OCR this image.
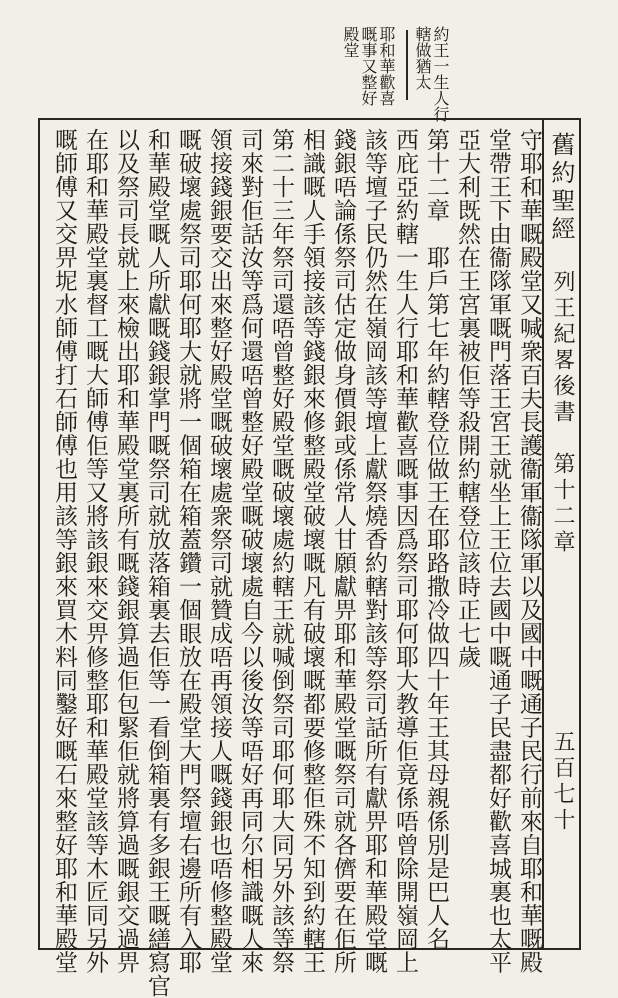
約王一生人行
轄做猶太
耶和華歡喜
嘅事又整好
殿堂
舊約聖經
列王紀畧後書　第十二章
五百七十
守耶和華嘅殿堂又喊衆百夫長護衞軍衞隊軍以及國中嘅通子民行前來自耶和華嘅殿
堂帶王下由衞隊軍嘅門落王宮王就坐上王位去國中嘅通子民盡都好歡喜城裏也太平
亞大利既然在王宮裏被佢等殺開約轄登位該時正七歲
第十二章　耶戶第七年約轄登位做王在耶路撒冷做四十年王其母親係別是巴人名
西庇亞約轄一生人行耶和華歡喜嘅事因爲祭司耶何耶大教導佢竟係唔曾除開嶺岡上
該等壇子民仍然在嶺岡該等壇上獻祭燒香約轄對該等祭司話所有獻畀耶和華殿堂嘅
錢銀唔論係祭司估定做身價銀或係常人甘願獻畀耶和華殿堂嘅祭司就各儕要在佢所
相識嘅人手領接該等錢銀來修整殿堂破壞嘅凡有破壞嘅都要修整佢殊不知到約轄王
第二十三年祭司還唔曾整好殿堂嘅破壞處約轄王就喊倒祭司耶何耶大同另外該等祭
司來對佢話汝等爲何還唔曾整好殿堂嘅破壞處自今以後汝等唔好再同尔相識嘅人來
領接錢銀要交出來整好殿堂嘅破壞處衆祭司就贊成唔再領接人嘅錢銀也唔修整殿堂
嘅破壞處祭司耶何耶大就將一個箱在箱蓋鑽一個眼放在殿堂大門祭壇右邊所有入耶
和華殿堂嘅人所獻嘅錢銀掌門嘅祭司就放落箱裏去佢等一看倒箱裏有多銀王嘅繕寫官
以及祭司長就上來檢出耶和華殿堂裏所有嘅錢銀算過佢包緊佢就將算過嘅銀交過畀
在耶和華殿堂裏督工嘅大師傅佢等又將該銀來交畀修整耶和華殿堂該等木匠同另外
嘅師傅又交畀坭水師傅打石師傅也用該等銀來買木料同鑿好嘅石來整好耶和華殿堂
